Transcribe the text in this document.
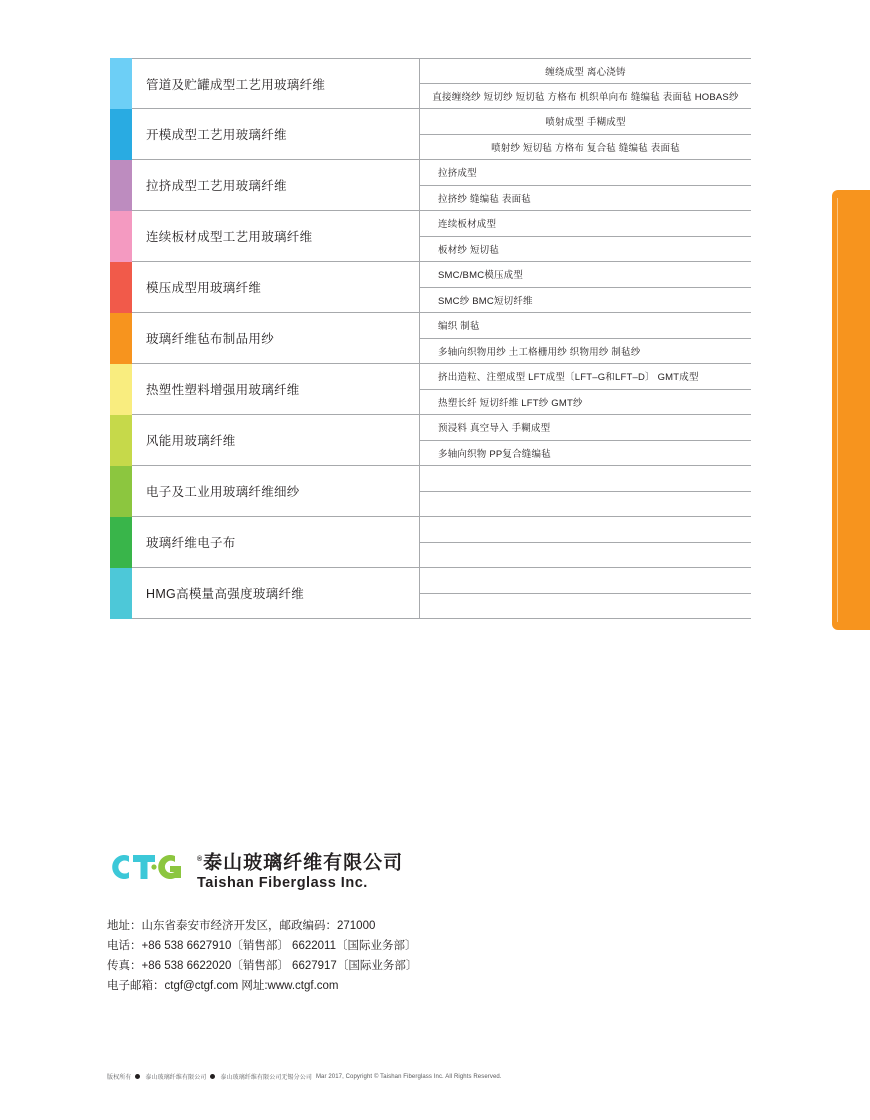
管道及贮罐成型工艺用玻璃纤维
缠绕成型 离心浇铸
直接缠绕纱 短切纱 短切毡 方格布 机织单向布 缝编毡 表面毡 HOBAS纱
开模成型工艺用玻璃纤维
喷射成型 手糊成型
喷射纱 短切毡 方格布 复合毡 缝编毡 表面毡
拉挤成型工艺用玻璃纤维
拉挤成型
拉挤纱 缝编毡 表面毡
连续板材成型工艺用玻璃纤维
连续板材成型
板材纱 短切毡
模压成型用玻璃纤维
SMC/BMC模压成型
SMC纱 BMC短切纤维
玻璃纤维毡布制品用纱
编织 制毡
多轴向织物用纱 土工格栅用纱 织物用纱 制毡纱
热塑性塑料增强用玻璃纤维
挤出造粒、注塑成型 LFT成型〔LFT–G和LFT–D〕 GMT成型
热塑长纤 短切纤维 LFT纱 GMT纱
风能用玻璃纤维
预浸料 真空导入 手糊成型
多轴向织物 PP复合缝编毡
电子及工业用玻璃纤维细纱
玻璃纤维电子布
HMG高模量高强度玻璃纤维
®泰山玻璃纤维有限公司
Taishan Fiberglass Inc.
地址：山东省泰安市经济开发区，邮政编码：271000
电话：+86 538 6627910〔销售部〕 6622011〔国际业务部〕
传真：+86 538 6622020〔销售部〕 6627917〔国际业务部〕
电子邮箱：ctgf@ctgf.com 网址:www.ctgf.com
版权所有 泰山玻璃纤维有限公司 泰山玻璃纤维有限公司无锡分公司 Mar 2017, Copyright © Taishan Fiberglass Inc. All Rights Reserved.
